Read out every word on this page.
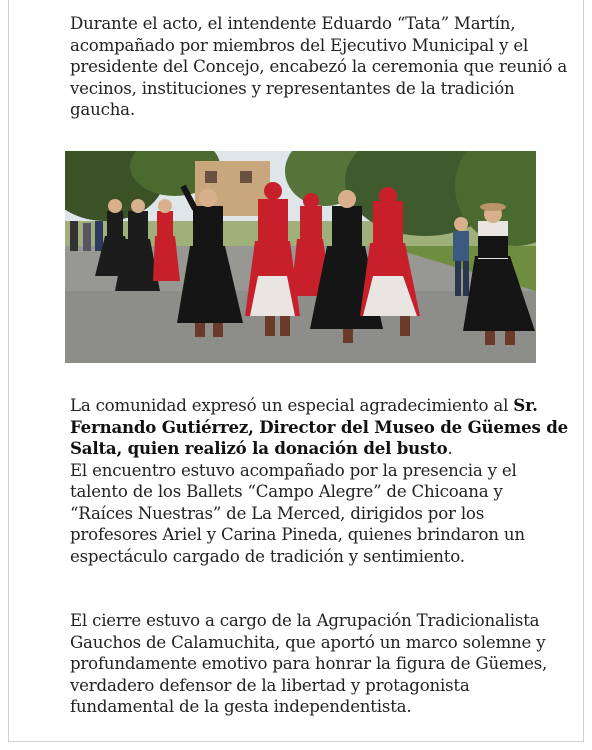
Durante el acto, el intendente Eduardo “Tata” Martín, acompañado por miembros del Ejecutivo Municipal y el presidente del Concejo, encabezó la ceremonia que reunió a vecinos, instituciones y representantes de la tradición gaucha.

La comunidad expresó un especial agradecimiento al Sr. Fernando Gutiérrez, Director del Museo de Güemes de Salta, quien realizó la donación del busto.
El encuentro estuvo acompañado por la presencia y el talento de los Ballets “Campo Alegre” de Chicoana y “Raíces Nuestras” de La Merced, dirigidos por los profesores Ariel y Carina Pineda, quienes brindaron un espectáculo cargado de tradición y sentimiento.

El cierre estuvo a cargo de la Agrupación Tradicionalista Gauchos de Calamuchita, que aportó un marco solemne y profundamente emotivo para honrar la figura de Güemes, verdadero defensor de la libertad y protagonista fundamental de la gesta independentista.
